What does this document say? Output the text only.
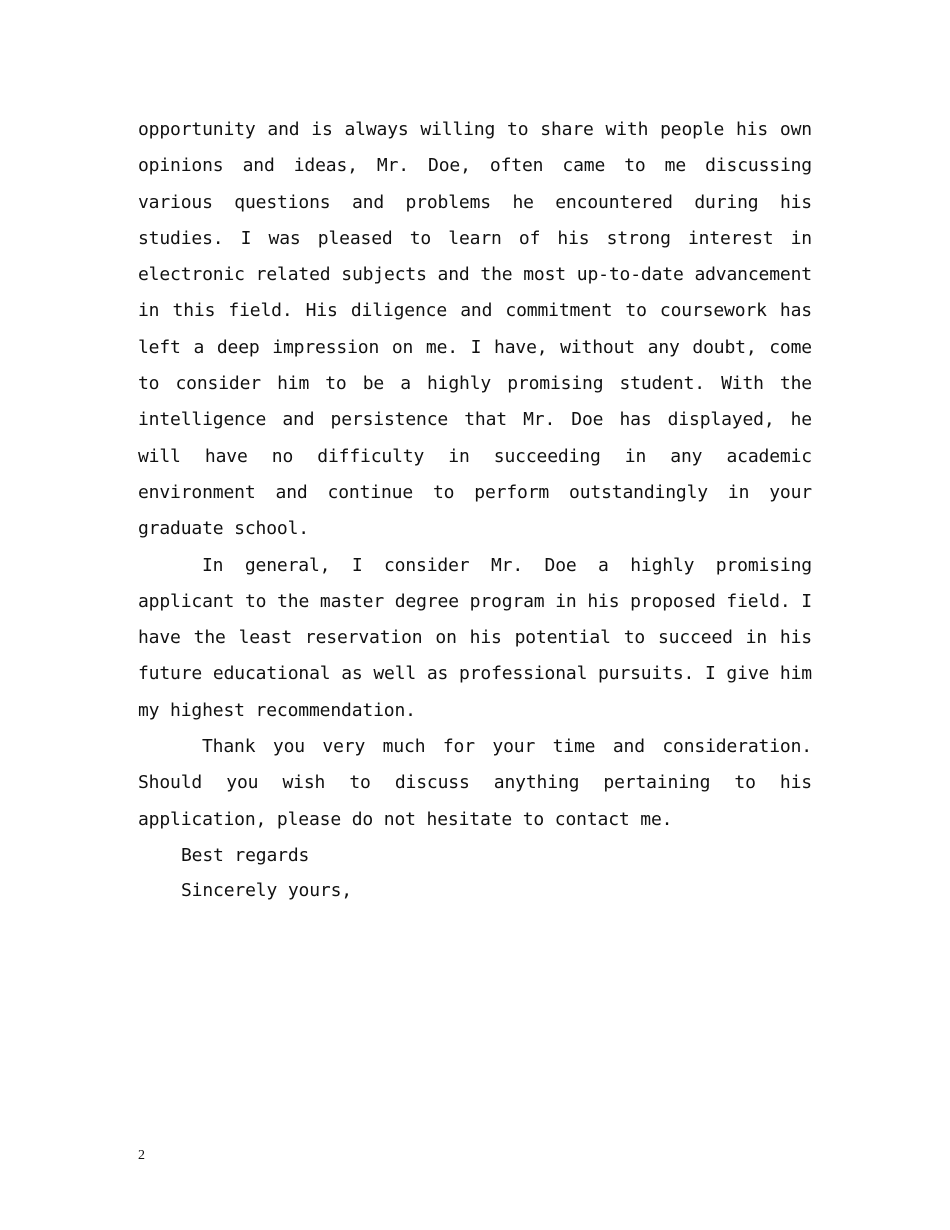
opportunity and is always willing to share with people his own opinions and ideas, Mr. Doe, often came to me discussing various questions and problems he encountered during his studies. I was pleased to learn of his strong interest in electronic related subjects and the most up-to-date advancement in this field. His diligence and commitment to coursework has left a deep impression on me. I have, without any doubt, come to consider him to be a highly promising student. With the intelligence and persistence that Mr. Doe has displayed, he will have no difficulty in succeeding in any academic environment and continue to perform outstandingly in your graduate school.

In general, I consider Mr. Doe a highly promising applicant to the master degree program in his proposed field. I have the least reservation on his potential to succeed in his future educational as well as professional pursuits. I give him my highest recommendation.

Thank you very much for your time and consideration. Should you wish to discuss anything pertaining to his application, please do not hesitate to contact me.

Best regards

Sincerely yours,

2
